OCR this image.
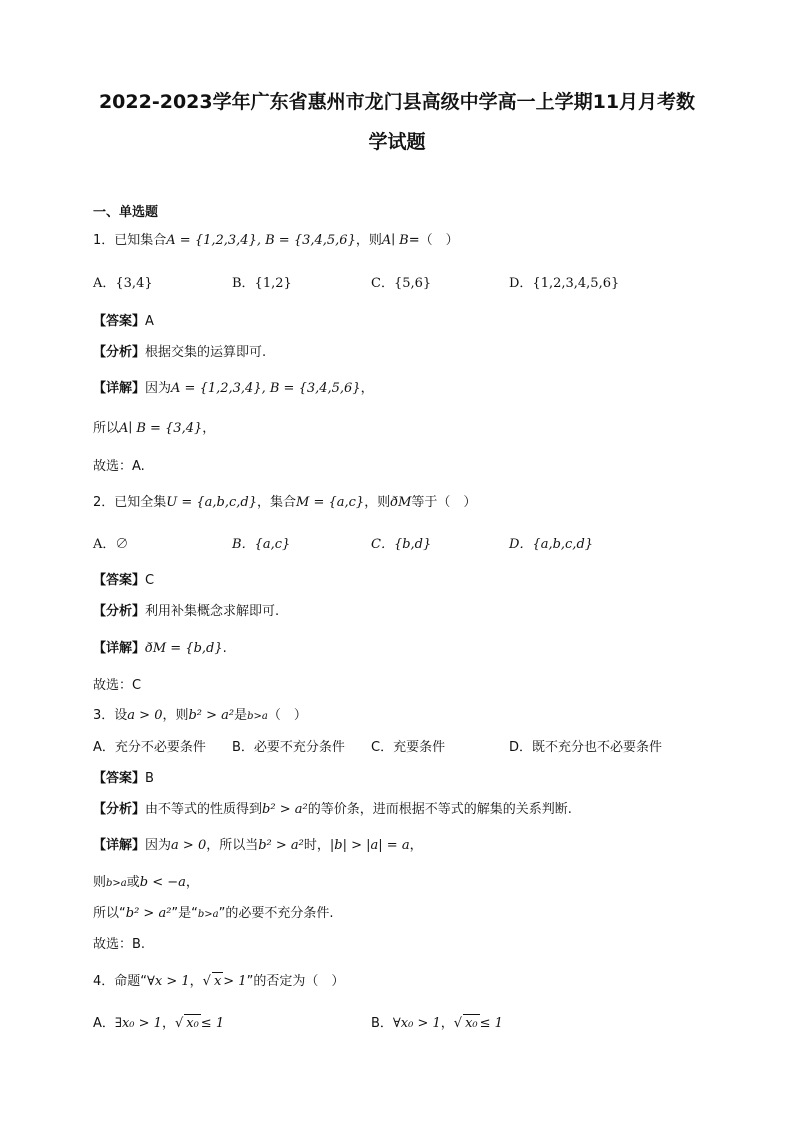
2022-2023学年广东省惠州市龙门县高级中学高一上学期11月月考数
学试题
一、单选题
1．已知集合A = {1,2,3,4}, B = {3,4,5,6}，则A∣ B=（　）
A．{3,4}	B．{1,2}	C．{5,6}	D．{1,2,3,4,5,6}
【答案】A
【分析】根据交集的运算即可.
【详解】因为A = {1,2,3,4}, B = {3,4,5,6}，
所以A∣ B = {3,4}，
故选：A.
2．已知全集U = {a,b,c,d}，集合M = {a,c}，则ðM等于（　）
A．∅	B．{a,c}	C．{b,d}	D．{a,b,c,d}
【答案】C
【分析】利用补集概念求解即可.
【详解】ðM = {b,d}.
故选：C
3．设a > 0，则b² > a²是b>a（　）
A．充分不必要条件 B．必要不充分条件 C．充要条件	D．既不充分也不必要条件
【答案】B
【分析】由不等式的性质得到b² > a²的等价条，进而根据不等式的解集的关系判断.
【详解】因为a > 0，所以当b² > a²时，|b| > |a| = a，
则b>a或b < −a，
所以“b² > a²”是“b>a”的必要不充分条件.
故选：B.
4．命题“∀x > 1，√ x > 1”的否定为（　）
A．∃x₀ > 1，√ x₀ ≤ 1	B．∀x₀ > 1，√ x₀ ≤ 1
